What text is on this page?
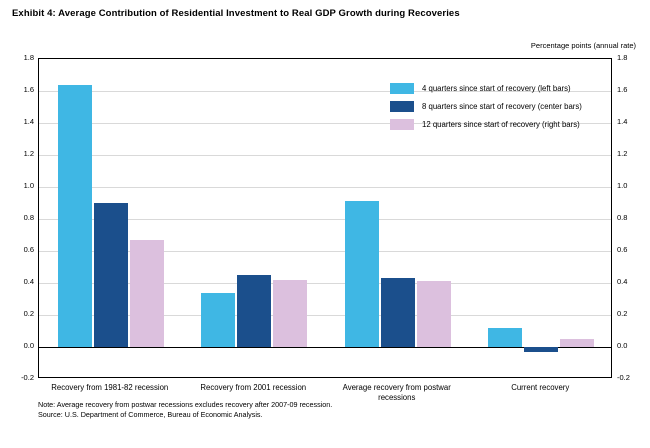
Exhibit 4: Average Contribution of Residential Investment to Real GDP Growth during Recoveries
Percentage points (annual rate)
4 quarters since start of recovery (left bars)
8 quarters since start of recovery (center bars)
12 quarters since start of recovery (right bars)
Note: Average recovery from postwar recessions excludes recovery after 2007-09 recession.
Source: U.S. Department of Commerce, Bureau of Economic Analysis.
-0.2	-0.2
0.0	0.0
0.2	0.2
0.4	0.4
0.6	0.6
0.8	0.8
1.0	1.0
1.2	1.2
1.4	1.4
1.6	1.6
1.8	1.8
Recovery from 1981-82 recession	Recovery from 2001 recession	Average recovery from postwar recessions
Current recovery
